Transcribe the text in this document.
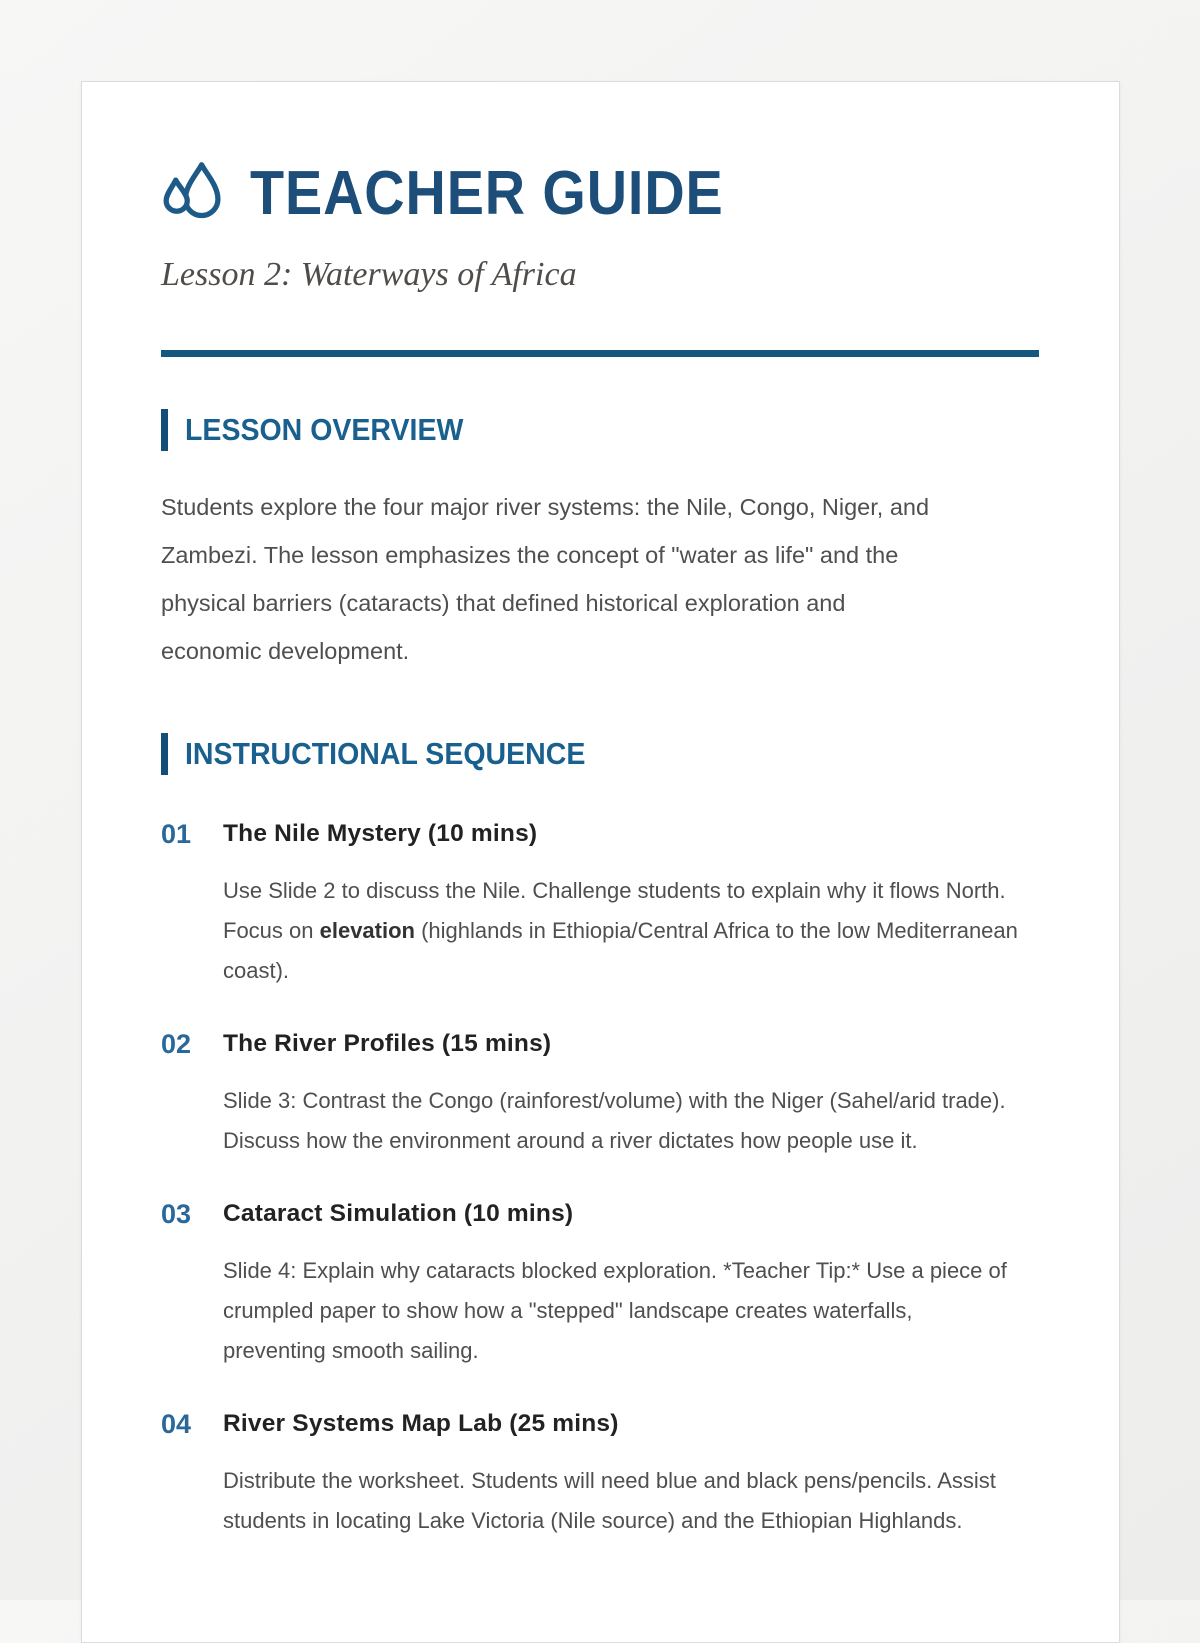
TEACHER GUIDE

Lesson 2: Waterways of Africa

LESSON OVERVIEW

Students explore the four major river systems: the Nile, Congo, Niger, and Zambezi. The lesson emphasizes the concept of "water as life" and the physical barriers (cataracts) that defined historical exploration and economic development.

INSTRUCTIONAL SEQUENCE
01	The Nile Mystery (10 mins)

Use Slide 2 to discuss the Nile. Challenge students to explain why it flows North. Focus on elevation (highlands in Ethiopia/Central Africa to the low Mediterranean coast).

02	The River Profiles (15 mins)

Slide 3: Contrast the Congo (rainforest/volume) with the Niger (Sahel/arid trade). Discuss how the environment around a river dictates how people use it.

03	Cataract Simulation (10 mins)

Slide 4: Explain why cataracts blocked exploration. *Teacher Tip:* Use a piece of crumpled paper to show how a "stepped" landscape creates waterfalls, preventing smooth sailing.

04	River Systems Map Lab (25 mins)

Distribute the worksheet. Students will need blue and black pens/pencils. Assist students in locating Lake Victoria (Nile source) and the Ethiopian Highlands.
